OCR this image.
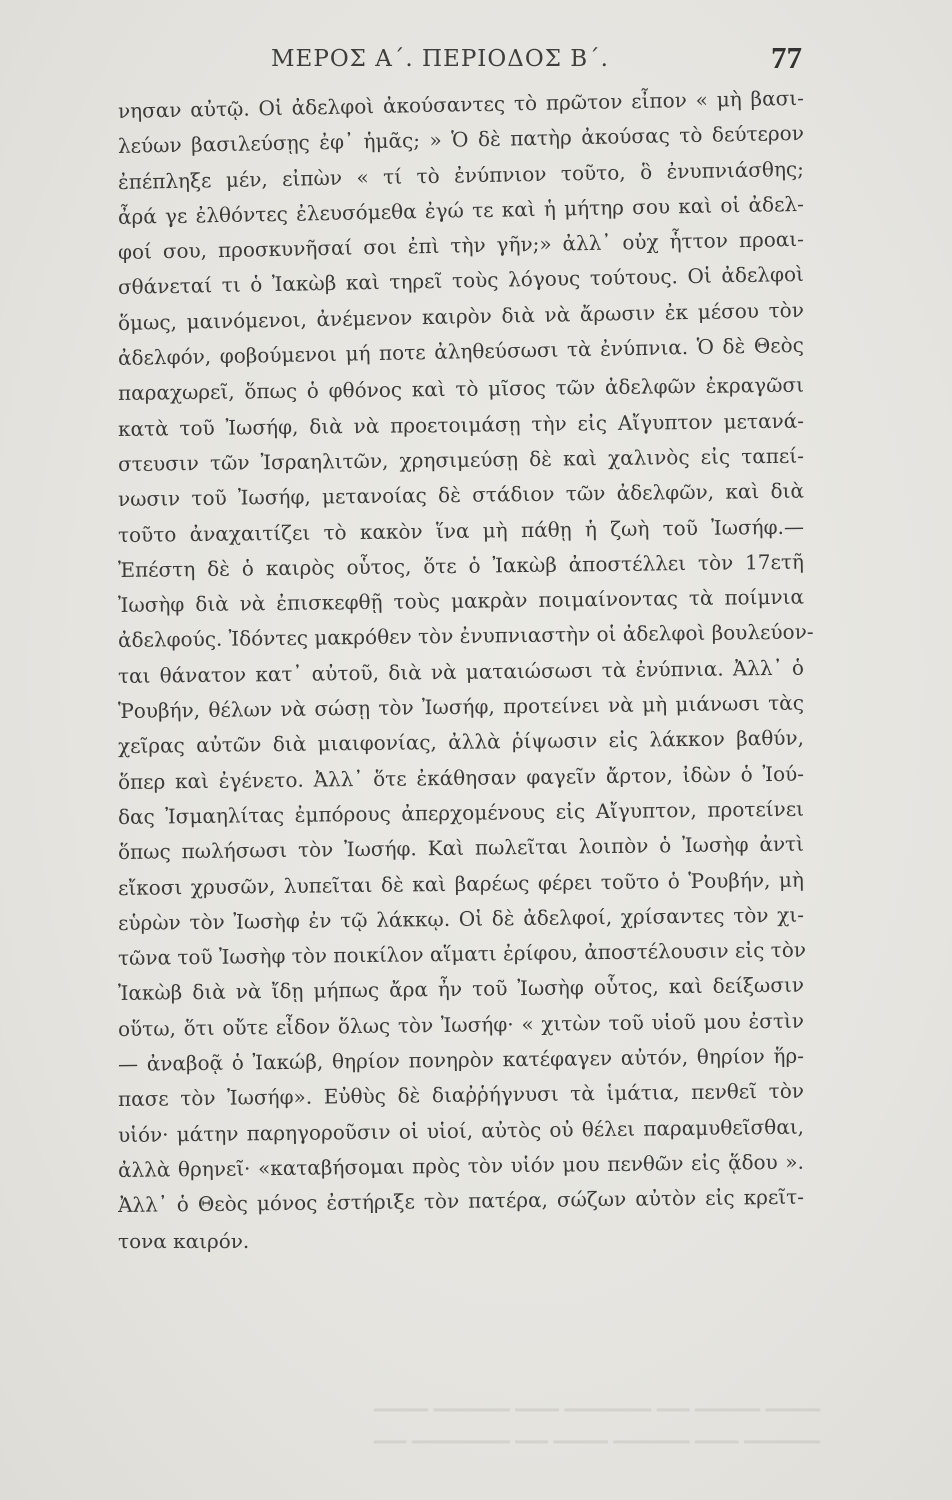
ΜΕΡΟΣ Α΄. ΠΕΡΙΟΔΟΣ Β΄.	77
νησαν αὐτῷ. Οἱ ἀδελφοὶ ἀκούσαντες τὸ πρῶτον εἶπον « μὴ βασι-
λεύων βασιλεύσῃς ἐφ᾽ ἡμᾶς; » Ὁ δὲ πατὴρ ἀκούσας τὸ δεύτερον
ἐπέπληξε μέν, εἰπὼν « τί τὸ ἐνύπνιον τοῦτο, ὃ ἐνυπνιάσθης;
ἆρά γε ἐλθόντες ἐλευσόμεθα ἐγώ τε καὶ ἡ μήτηρ σου καὶ οἱ ἀδελ-
φοί σου, προσκυνῆσαί σοι ἐπὶ τὴν γῆν;» ἀλλ᾽ οὐχ ἧττον προαι-
σθάνεταί τι ὁ Ἰακὼβ καὶ τηρεῖ τοὺς λόγους τούτους. Οἱ ἀδελφοὶ
ὅμως, μαινόμενοι, ἀνέμενον καιρὸν διὰ νὰ ἄρωσιν ἐκ μέσου τὸν
ἀδελφόν, φοβούμενοι μή ποτε ἀληθεύσωσι τὰ ἐνύπνια. Ὁ δὲ Θεὸς
παραχωρεῖ, ὅπως ὁ φθόνος καὶ τὸ μῖσος τῶν ἀδελφῶν ἐκραγῶσι
κατὰ τοῦ Ἰωσήφ, διὰ νὰ προετοιμάσῃ τὴν εἰς Αἴγυπτον μετανά-
στευσιν τῶν Ἰσραηλιτῶν, χρησιμεύσῃ δὲ καὶ χαλινὸς εἰς ταπεί-
νωσιν τοῦ Ἰωσήφ, μετανοίας δὲ στάδιον τῶν ἀδελφῶν, καὶ διὰ
τοῦτο ἀναχαιτίζει τὸ κακὸν ἵνα μὴ πάθῃ ἡ ζωὴ τοῦ Ἰωσήφ.—
Ἐπέστη δὲ ὁ καιρὸς οὗτος, ὅτε ὁ Ἰακὼβ ἀποστέλλει τὸν 17ετῆ
Ἰωσὴφ διὰ νὰ ἐπισκεφθῇ τοὺς μακρὰν ποιμαίνοντας τὰ ποίμνια
ἀδελφούς. Ἰδόντες μακρόθεν τὸν ἐνυπνιαστὴν οἱ ἀδελφοὶ βουλεύον-
ται θάνατον κατ᾽ αὐτοῦ, διὰ νὰ ματαιώσωσι τὰ ἐνύπνια. Ἀλλ᾽ ὁ
Ῥουβήν, θέλων νὰ σώσῃ τὸν Ἰωσήφ, προτείνει νὰ μὴ μιάνωσι τὰς
χεῖρας αὐτῶν διὰ μιαιφονίας, ἀλλὰ ῥίψωσιν εἰς λάκκον βαθύν,
ὅπερ καὶ ἐγένετο. Ἀλλ᾽ ὅτε ἐκάθησαν φαγεῖν ἄρτον, ἰδὼν ὁ Ἰού-
δας Ἰσμαηλίτας ἐμπόρους ἀπερχομένους εἰς Αἴγυπτον, προτείνει
ὅπως πωλήσωσι τὸν Ἰωσήφ. Καὶ πωλεῖται λοιπὸν ὁ Ἰωσὴφ ἀντὶ
εἴκοσι χρυσῶν, λυπεῖται δὲ καὶ βαρέως φέρει τοῦτο ὁ Ῥουβήν, μὴ
εὑρὼν τὸν Ἰωσὴφ ἐν τῷ λάκκῳ. Οἱ δὲ ἀδελφοί, χρίσαντες τὸν χι-
τῶνα τοῦ Ἰωσὴφ τὸν ποικίλον αἵματι ἐρίφου, ἀποστέλουσιν εἰς τὸν
Ἰακὼβ διὰ νὰ ἴδῃ μήπως ἄρα ἦν τοῦ Ἰωσὴφ οὗτος, καὶ δείξωσιν
οὕτω, ὅτι οὔτε εἶδον ὅλως τὸν Ἰωσήφ· « χιτὼν τοῦ υἱοῦ μου ἐστὶν
— ἀναβοᾷ ὁ Ἰακώβ, θηρίον πονηρὸν κατέφαγεν αὐτόν, θηρίον ἥρ-
πασε τὸν Ἰωσήφ». Εὐθὺς δὲ διαῤῥήγνυσι τὰ ἱμάτια, πενθεῖ τὸν
υἱόν· μάτην παρηγοροῦσιν οἱ υἱοί, αὐτὸς οὐ θέλει παραμυθεῖσθαι,
ἀλλὰ θρηνεῖ· «καταβήσομαι πρὸς τὸν υἱόν μου πενθῶν εἰς ᾅδου ».
Ἀλλ᾽ ὁ Θεὸς μόνος ἐστήριξε τὸν πατέρα, σώζων αὐτὸν εἰς κρεῖτ-
τονα καιρόν.
━━━━━ ━━━━━━ ━━━ ━━━━━━━━ ━━━━ ━━━━━━━ ━━━━━
━━━━━━━ ━━━━ ━━━━━━━ ━━━━━ ━━━ ━━━━━━━━━ ━━━
